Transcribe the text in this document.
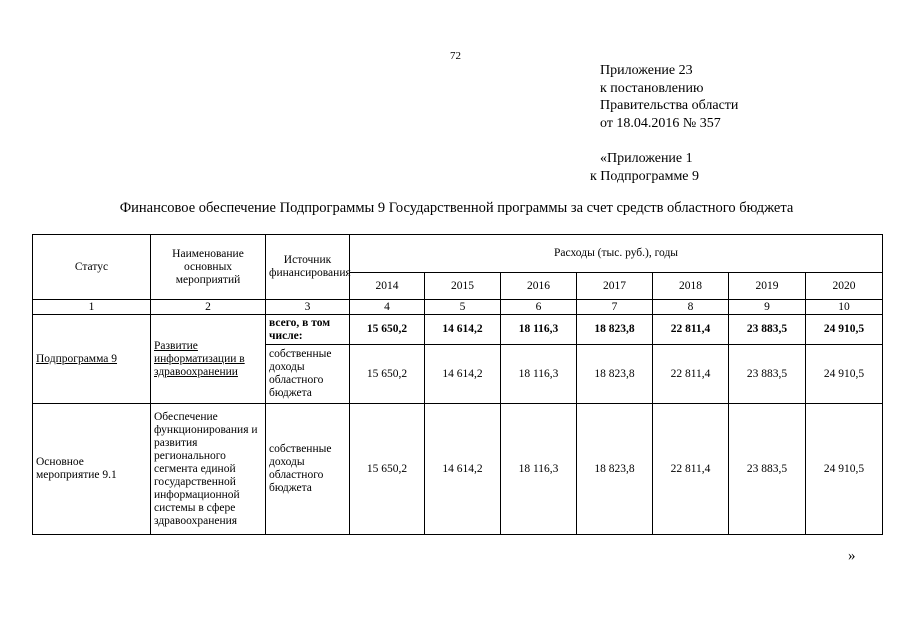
72
Приложение 23
к постановлению
Правительства области
от 18.04.2016 № 357
«Приложение 1
к Подпрограмме 9
Финансовое обеспечение Подпрограммы 9 Государственной программы за счет средств областного бюджета
Статус	Наименование основных мероприятий	Источник финансирования	Расходы (тыс. руб.), годы						
			2014	2015	2016	2017	2018	2019	2020
1	2	3	4	5	6	7	8	9	10
Подпрограмма 9	Развитие информатизации в здравоохранении	всего, в том числе:	15 650,2	14 614,2	18 116,3	18 823,8	22 811,4	23 883,5	24 910,5
		собственные доходы областного бюджета	15 650,2	14 614,2	18 116,3	18 823,8	22 811,4	23 883,5	24 910,5
Основное мероприятие 9.1	Обеспечение функционирования и развития регионального сегмента единой государственной информационной системы в сфере здравоохранения	собственные доходы областного бюджета	15 650,2	14 614,2	18 116,3	18 823,8	22 811,4	23 883,5	24 910,5
»
